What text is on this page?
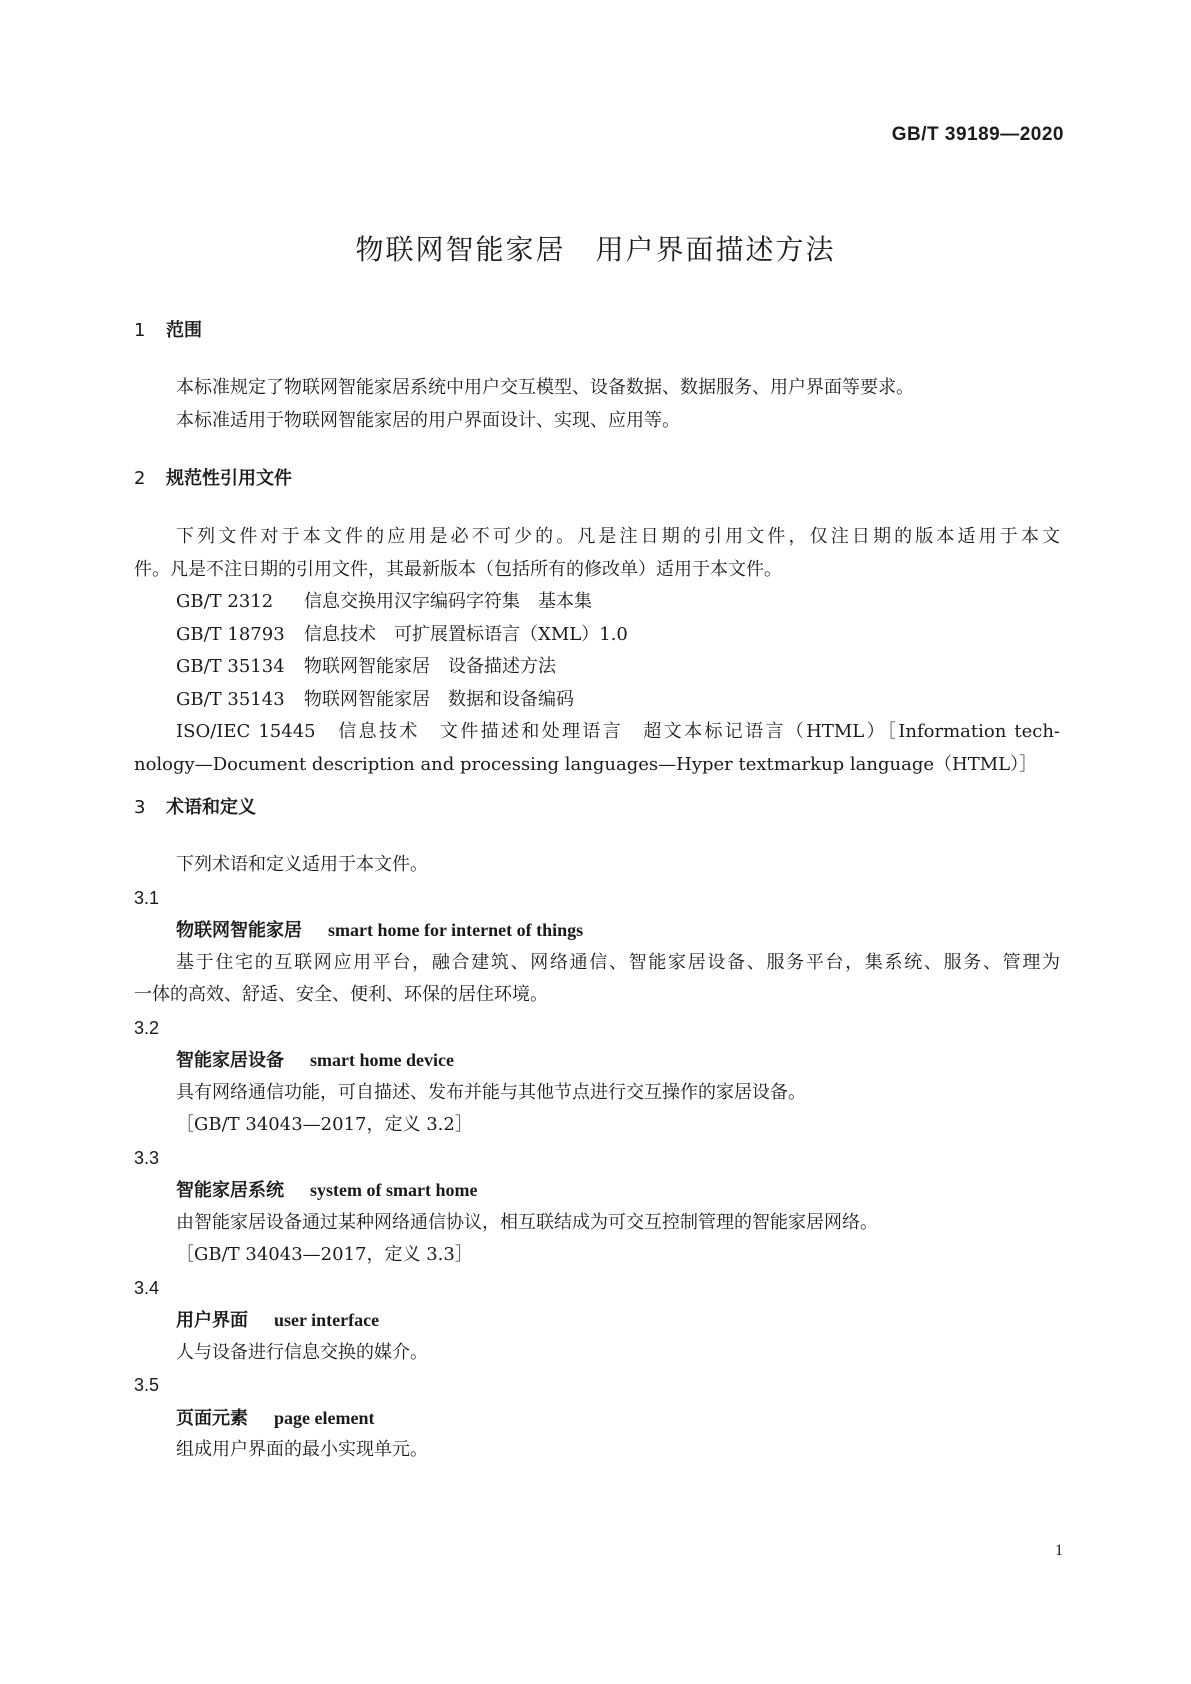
GB/T 39189—2020
物联网智能家居 用户界面描述方法
1 范围
本标准规定了物联网智能家居系统中用户交互模型、设备数据、数据服务、用户界面等要求。
本标准适用于物联网智能家居的用户界面设计、实现、应用等。
2 规范性引用文件
下列文件对于本文件的应用是必不可少的。凡是注日期的引用文件，仅注日期的版本适用于本文
件。凡是不注日期的引用文件，其最新版本（包括所有的修改单）适用于本文件。
GB/T 2312 信息交换用汉字编码字符集　基本集
GB/T 18793 信息技术　可扩展置标语言（XML）1.0
GB/T 35134 物联网智能家居　设备描述方法
GB/T 35143 物联网智能家居　数据和设备编码
ISO/IEC 15445　信息技术　文件描述和处理语言　超文本标记语言（HTML）［Information tech-
nology—Document description and processing languages—Hyper textmarkup language（HTML）］
3 术语和定义
下列术语和定义适用于本文件。
3.1
物联网智能家居 smart home for internet of things
基于住宅的互联网应用平台，融合建筑、网络通信、智能家居设备、服务平台，集系统、服务、管理为
一体的高效、舒适、安全、便利、环保的居住环境。
3.2
智能家居设备 smart home device
具有网络通信功能，可自描述、发布并能与其他节点进行交互操作的家居设备。
［GB/T 34043—2017，定义 3.2］
3.3
智能家居系统 system of smart home
由智能家居设备通过某种网络通信协议，相互联结成为可交互控制管理的智能家居网络。
［GB/T 34043—2017，定义 3.3］
3.4
用户界面 user interface
人与设备进行信息交换的媒介。
3.5
页面元素 page element
组成用户界面的最小实现单元。
1
